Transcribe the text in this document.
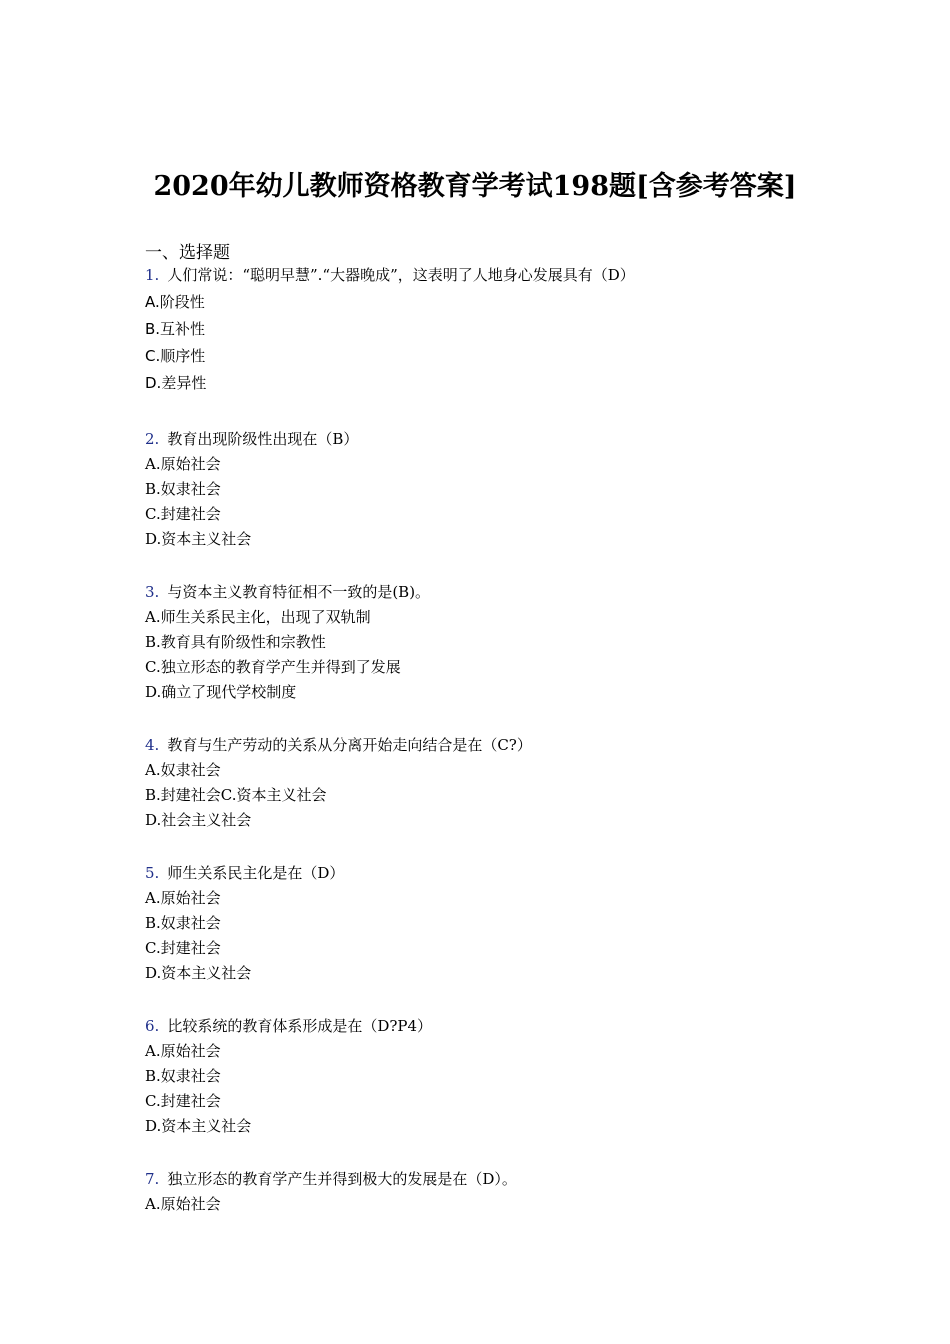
2020年幼儿教师资格教育学考试198题[含参考答案]
一、选择题
1. 人们常说：“聪明早慧”.“大器晚成”，这表明了人地身心发展具有（D）
A.阶段性
B.互补性
C.顺序性
D.差异性
2. 教育出现阶级性出现在（B）
A.原始社会
B.奴隶社会
C.封建社会
D.资本主义社会
3. 与资本主义教育特征相不一致的是(B)。
A.师生关系民主化，出现了双轨制
B.教育具有阶级性和宗教性
C.独立形态的教育学产生并得到了发展
D.确立了现代学校制度
4. 教育与生产劳动的关系从分离开始走向结合是在（C?）
A.奴隶社会
B.封建社会C.资本主义社会
D.社会主义社会
5. 师生关系民主化是在（D）
A.原始社会
B.奴隶社会
C.封建社会
D.资本主义社会
6. 比较系统的教育体系形成是在（D?P4）
A.原始社会
B.奴隶社会
C.封建社会
D.资本主义社会
7. 独立形态的教育学产生并得到极大的发展是在（D）。
A.原始社会
